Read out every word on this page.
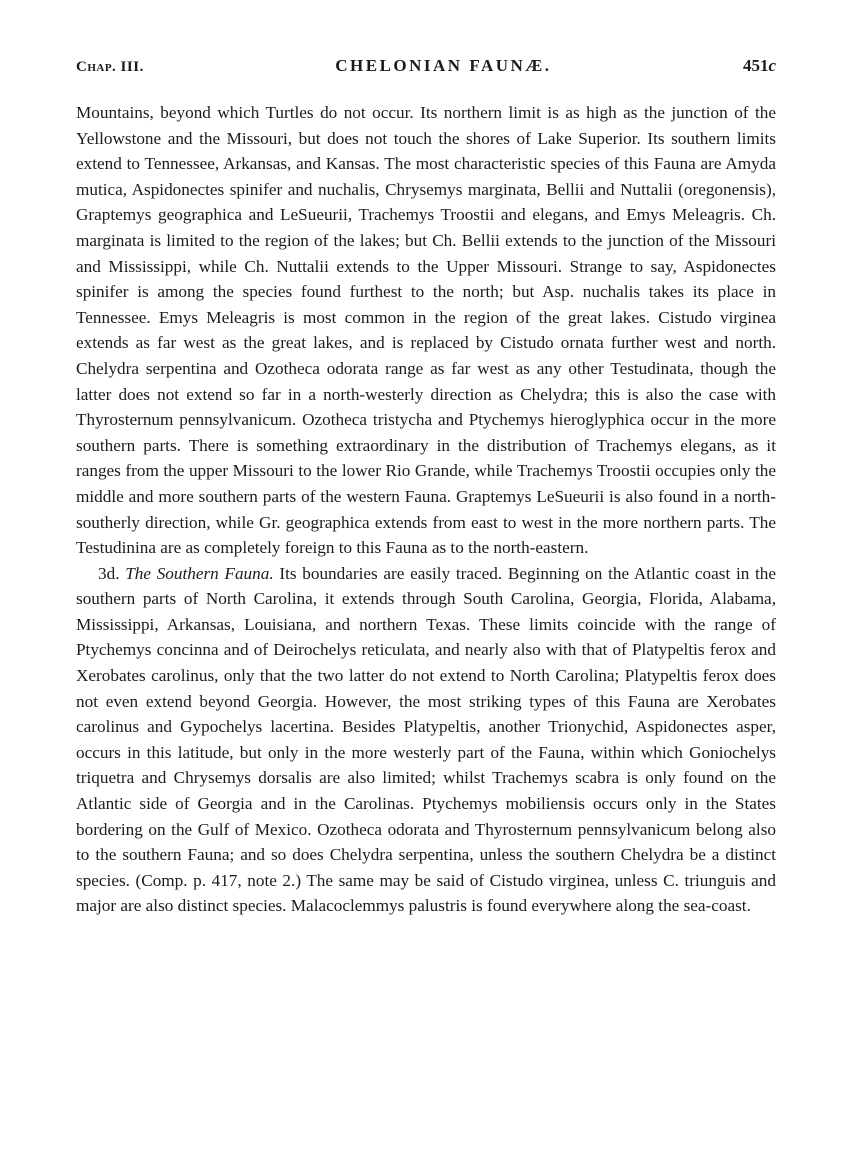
Chap. III.	CHELONIAN FAUNÆ.	451c

Mountains, beyond which Turtles do not occur. Its northern limit is as high as the junction of the Yellowstone and the Missouri, but does not touch the shores of Lake Superior. Its southern limits extend to Tennessee, Arkansas, and Kansas. The most characteristic species of this Fauna are Amyda mutica, Aspidonectes spinifer and nuchalis, Chrysemys marginata, Bellii and Nuttalii (oregonensis), Graptemys geographica and LeSueurii, Trachemys Troostii and elegans, and Emys Meleagris. Ch. marginata is limited to the region of the lakes; but Ch. Bellii extends to the junction of the Missouri and Mississippi, while Ch. Nuttalii extends to the Upper Missouri. Strange to say, Aspidonectes spinifer is among the species found furthest to the north; but Asp. nuchalis takes its place in Tennessee. Emys Meleagris is most common in the region of the great lakes. Cistudo virginea extends as far west as the great lakes, and is replaced by Cistudo ornata further west and north. Chelydra serpentina and Ozotheca odorata range as far west as any other Testudinata, though the latter does not extend so far in a north-westerly direction as Chelydra; this is also the case with Thyrosternum pennsylvanicum. Ozotheca tristycha and Ptychemys hieroglyphica occur in the more southern parts. There is something extraordinary in the distribution of Trachemys elegans, as it ranges from the upper Missouri to the lower Rio Grande, while Trachemys Troostii occupies only the middle and more southern parts of the western Fauna. Graptemys LeSueurii is also found in a north-southerly direction, while Gr. geographica extends from east to west in the more northern parts. The Testudinina are as completely foreign to this Fauna as to the north-eastern.

3d. The Southern Fauna. Its boundaries are easily traced. Beginning on the Atlantic coast in the southern parts of North Carolina, it extends through South Carolina, Georgia, Florida, Alabama, Mississippi, Arkansas, Louisiana, and northern Texas. These limits coincide with the range of Ptychemys concinna and of Deirochelys reticulata, and nearly also with that of Platypeltis ferox and Xerobates carolinus, only that the two latter do not extend to North Carolina; Platypeltis ferox does not even extend beyond Georgia. However, the most striking types of this Fauna are Xerobates carolinus and Gypochelys lacertina. Besides Platypeltis, another Trionychid, Aspidonectes asper, occurs in this latitude, but only in the more westerly part of the Fauna, within which Goniochelys triquetra and Chrysemys dorsalis are also limited; whilst Trachemys scabra is only found on the Atlantic side of Georgia and in the Carolinas. Ptychemys mobiliensis occurs only in the States bordering on the Gulf of Mexico. Ozotheca odorata and Thyrosternum pennsylvanicum belong also to the southern Fauna; and so does Chelydra serpentina, unless the southern Chelydra be a distinct species. (Comp. p. 417, note 2.) The same may be said of Cistudo virginea, unless C. triunguis and major are also distinct species. Malacoclemmys palustris is found everywhere along the sea-coast.
